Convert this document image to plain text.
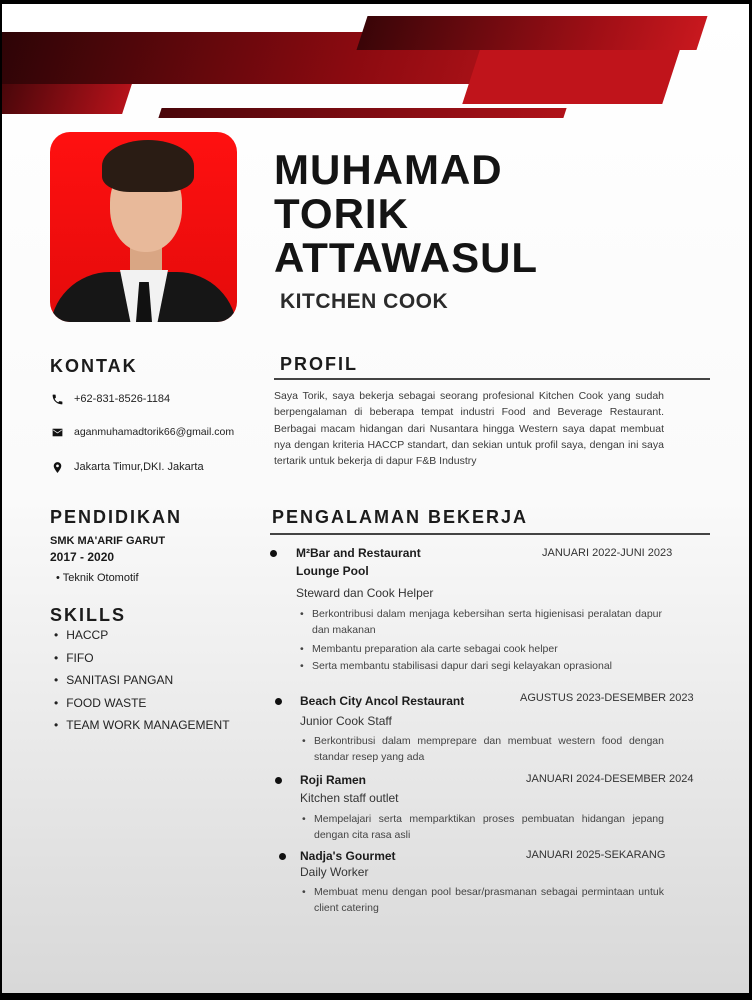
MUHAMAD
TORIK
ATTAWASUL
KITCHEN COOK
KONTAK
+62-831-8526-1184
aganmuhamadtorik66@gmail.com
Jakarta Timur,DKI. Jakarta
PENDIDIKAN
SMK MA'ARIF GARUT
2017 - 2020
• Teknik Otomotif
SKILLS
• HACCP
• FIFO
• SANITASI PANGAN
• FOOD WASTE
• TEAM WORK MANAGEMENT
PROFIL
Saya Torik, saya bekerja sebagai seorang profesional Kitchen Cook yang sudah berpengalaman di beberapa tempat industri Food and Beverage Restaurant. Berbagai macam hidangan dari Nusantara hingga Western saya dapat membuat nya dengan kriteria HACCP standart, dan sekian untuk profil saya, dengan ini saya tertarik untuk bekerja di dapur F&B Industry
PENGALAMAN BEKERJA
M²Bar and Restaurant Lounge Pool
JANUARI 2022-JUNI 2023
Steward dan Cook Helper
• Berkontribusi dalam menjaga kebersihan serta higienisasi peralatan dapur dan makanan
• Membantu preparation ala carte sebagai cook helper
• Serta membantu stabilisasi dapur dari segi kelayakan oprasional
Beach City Ancol Restaurant	AGUSTUS 2023-DESEMBER 2023
Junior Cook Staff
• Berkontribusi dalam memprepare dan membuat western food dengan standar resep yang ada
Roji Ramen	JANUARI 2024-DESEMBER 2024
Kitchen staff outlet
• Mempelajari serta memparktikan proses pembuatan hidangan jepang dengan cita rasa asli
Nadja's Gourmet	JANUARI 2025-SEKARANG
Daily Worker
• Membuat menu dengan pool besar/prasmanan sebagai permintaan untuk client catering
